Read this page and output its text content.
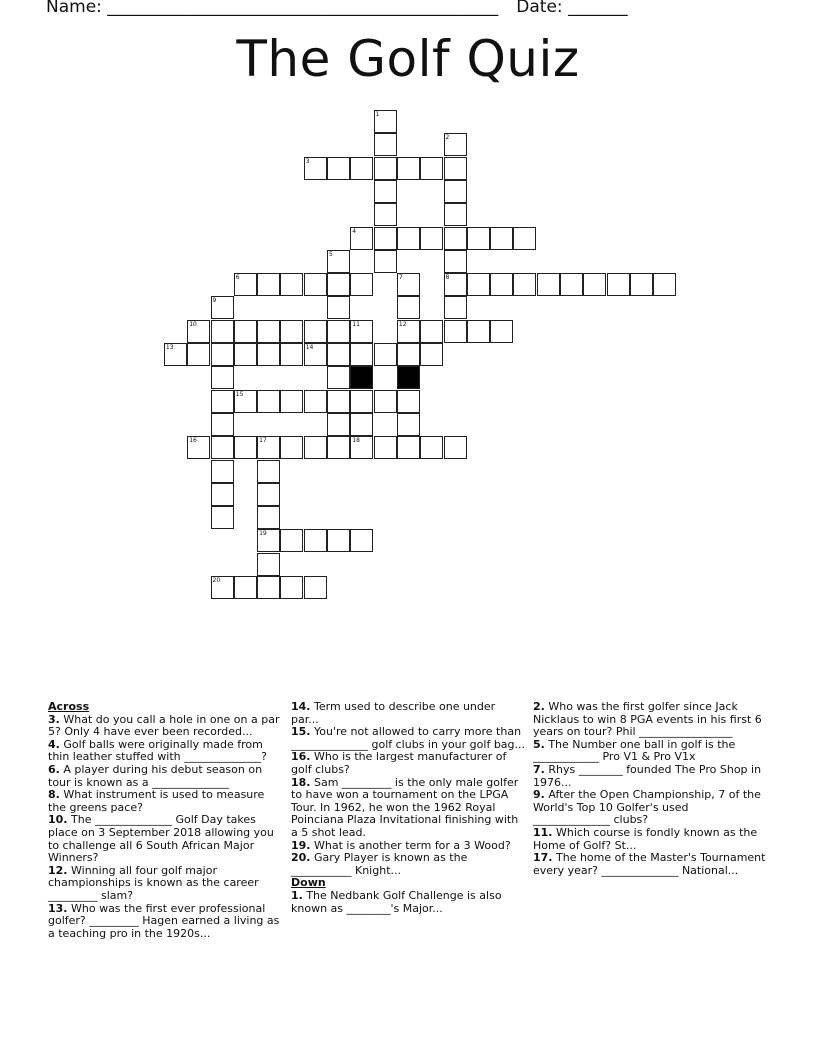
Name: ______________________________________________ Date: _______
The Golf Quiz
1
2
8
3
4
5
6	7
12
9
10	11
13	14
15
16	17	18
19
20
Across
3. What do you call a hole in one on a par 5? Only 4 have ever been recorded...
4. Golf balls were originally made from thin leather stuffed with ______________?
6. A player during his debut season on tour is known as a ______________
8. What instrument is used to measure the greens pace?
10. The ______________ Golf Day takes place on 3 September 2018 allowing you to challenge all 6 South African Major Winners?
12. Winning all four golf major championships is known as the career _________ slam?
13. Who was the first ever professional golfer? _________ Hagen earned a living as a teaching pro in the 1920s...
14. Term used to describe one under par...
15. You're not allowed to carry more than ______________ golf clubs in your golf bag...
16. Who is the largest manufacturer of golf clubs?
18. Sam _________ is the only male golfer to have won a tournament on the LPGA Tour. In 1962, he won the 1962 Royal Poinciana Plaza Invitational finishing with a 5 shot lead.
19. What is another term for a 3 Wood?
20. Gary Player is known as the ___________ Knight...
Down
1. The Nedbank Golf Challenge is also known as ________'s Major...
2. Who was the first golfer since Jack Nicklaus to win 8 PGA events in his first 6 years on tour? Phil _________________
5. The Number one ball in golf is the ____________ Pro V1 & Pro V1x
7. Rhys ________ founded The Pro Shop in 1976...
9. After the Open Championship, 7 of the World's Top 10 Golfer's used ______________ clubs?
11. Which course is fondly known as the Home of Golf? St...
17. The home of the Master's Tournament every year? ______________ National...
